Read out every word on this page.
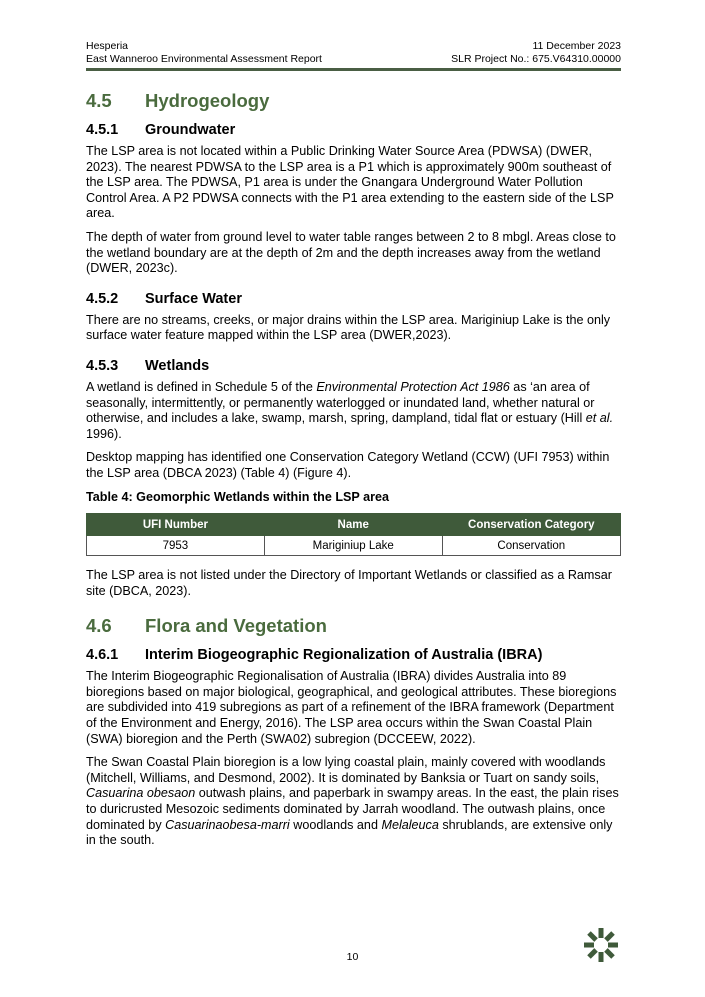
Hesperia
East Wanneroo Environmental Assessment Report
11 December 2023
SLR Project No.: 675.V64310.00000
4.5	Hydrogeology
4.5.1	Groundwater

The LSP area is not located within a Public Drinking Water Source Area (PDWSA) (DWER, 2023). The nearest PDWSA to the LSP area is a P1 which is approximately 900m southeast of the LSP area. The PDWSA, P1 area is under the Gnangara Underground Water Pollution Control Area. A P2 PDWSA connects with the P1 area extending to the eastern side of the LSP area.

The depth of water from ground level to water table ranges between 2 to 8 mbgl. Areas close to the wetland boundary are at the depth of 2m and the depth increases away from the wetland (DWER, 2023c).

4.5.2	Surface Water

There are no streams, creeks, or major drains within the LSP area. Mariginiup Lake is the only surface water feature mapped within the LSP area (DWER,2023).

4.5.3	Wetlands

A wetland is defined in Schedule 5 of the Environmental Protection Act 1986 as ‘an area of seasonally, intermittently, or permanently waterlogged or inundated land, whether natural or otherwise, and includes a lake, swamp, marsh, spring, dampland, tidal flat or estuary (Hill et al. 1996).

Desktop mapping has identified one Conservation Category Wetland (CCW) (UFI 7953) within the LSP area (DBCA 2023) (Table 4) (Figure 4).

Table 4: Geomorphic Wetlands within the LSP area
UFI Number	Name	Conservation Category
7953	Mariginiup Lake	Conservation

The LSP area is not listed under the Directory of Important Wetlands or classified as a Ramsar site (DBCA, 2023).

4.6	Flora and Vegetation
4.6.1	Interim Biogeographic Regionalization of Australia (IBRA)

The Interim Biogeographic Regionalisation of Australia (IBRA) divides Australia into 89 bioregions based on major biological, geographical, and geological attributes. These bioregions are subdivided into 419 subregions as part of a refinement of the IBRA framework (Department of the Environment and Energy, 2016). The LSP area occurs within the Swan Coastal Plain (SWA) bioregion and the Perth (SWA02) subregion (DCCEEW, 2022).

The Swan Coastal Plain bioregion is a low lying coastal plain, mainly covered with woodlands (Mitchell, Williams, and Desmond, 2002). It is dominated by Banksia or Tuart on sandy soils, Casuarina obesaon outwash plains, and paperbark in swampy areas. In the east, the plain rises to duricrusted Mesozoic sediments dominated by Jarrah woodland. The outwash plains, once dominated by Casuarinaobesa-marri woodlands and Melaleuca shrublands, are extensive only in the south.

10
